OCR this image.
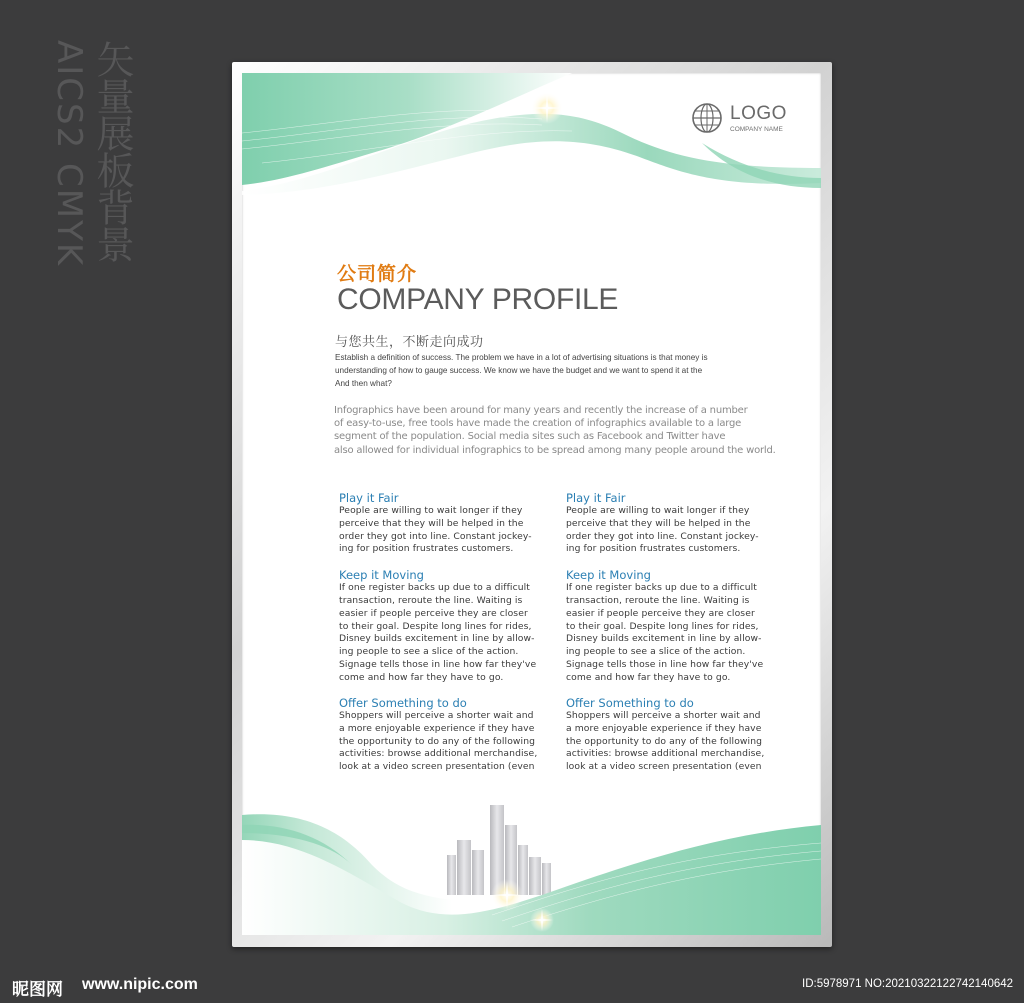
AICS2 CMYK 矢量展板背景	LOGO
COMPANY NAME
公司简介
COMPANY PROFILE
与您共生，不断走向成功
Establish a definition of success. The problem we have in a lot of advertising situations is that money is
understanding of how to gauge success. We know we have the budget and we want to spend it at the
And then what?
Infographics have been around for many years and recently the increase of a number
of easy-to-use, free tools have made the creation of infographics available to a large
segment of the population. Social media sites such as Facebook and Twitter have
also allowed for individual infographics to be spread among many people around the world.
Play it Fair
People are willing to wait longer if they
perceive that they will be helped in the
order they got into line. Constant jockey-
ing for position frustrates customers.
Keep it Moving
If one register backs up due to a difficult
transaction, reroute the line. Waiting is
easier if people perceive they are closer
to their goal. Despite long lines for rides,
Disney builds excitement in line by allow-
ing people to see a slice of the action.
Signage tells those in line how far they've
come and how far they have to go.
Play it Fair
People are willing to wait longer if they
perceive that they will be helped in the
order they got into line. Constant jockey-
ing for position frustrates customers.
Keep it Moving
If one register backs up due to a difficult
transaction, reroute the line. Waiting is
easier if people perceive they are closer
to their goal. Despite long lines for rides,
Disney builds excitement in line by allow-
ing people to see a slice of the action.
Signage tells those in line how far they've
come and how far they have to go.
Offer Something to do
Shoppers will perceive a shorter wait and
a more enjoyable experience if they have
the opportunity to do any of the following
activities: browse additional merchandise,
look at a video screen presentation (even
Offer Something to do
Shoppers will perceive a shorter wait and
a more enjoyable experience if they have
the opportunity to do any of the following
activities: browse additional merchandise,
look at a video screen presentation (even
昵图网 www.nipic.com	ID:5978971 NO:20210322122742140642
